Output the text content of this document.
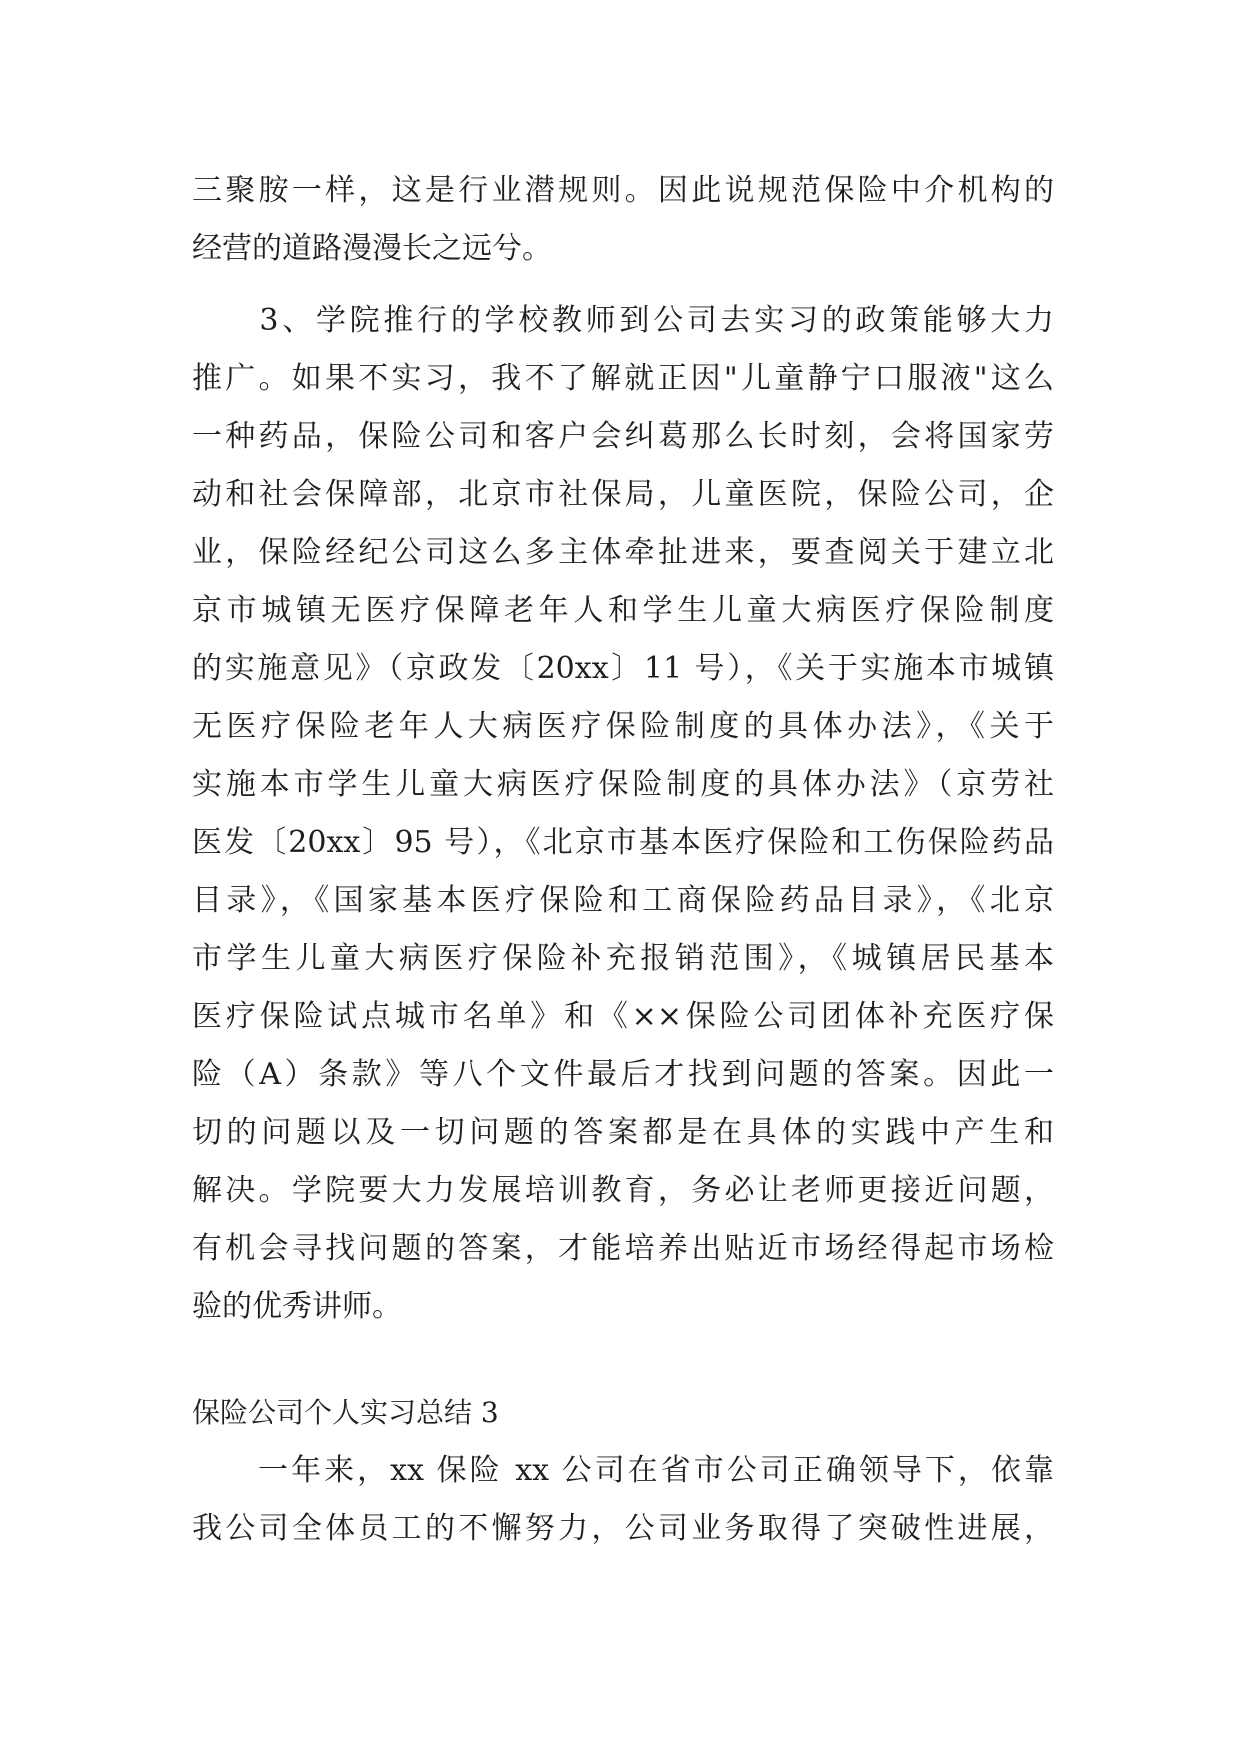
三聚胺一样，这是行业潜规则。因此说规范保险中介机构的
经营的道路漫漫长之远兮。
　　3、学院推行的学校教师到公司去实习的政策能够大力
推广。如果不实习，我不了解就正因"儿童静宁口服液"这么
一种药品，保险公司和客户会纠葛那么长时刻，会将国家劳
动和社会保障部，北京市社保局，儿童医院，保险公司，企
业，保险经纪公司这么多主体牵扯进来，要查阅关于建立北
京市城镇无医疗保障老年人和学生儿童大病医疗保险制度
的实施意见》（京政发〔20xx〕11 号），《关于实施本市城镇
无医疗保险老年人大病医疗保险制度的具体办法》，《关于
实施本市学生儿童大病医疗保险制度的具体办法》（京劳社
医发〔20xx〕95 号），《北京市基本医疗保险和工伤保险药品
目录》，《国家基本医疗保险和工商保险药品目录》，《北京
市学生儿童大病医疗保险补充报销范围》，《城镇居民基本
医疗保险试点城市名单》和《××保险公司团体补充医疗保
险（A）条款》等八个文件最后才找到问题的答案。因此一
切的问题以及一切问题的答案都是在具体的实践中产生和
解决。学院要大力发展培训教育，务必让老师更接近问题，
有机会寻找问题的答案，才能培养出贴近市场经得起市场检
验的优秀讲师。
保险公司个人实习总结 3
　　一年来，xx 保险 xx 公司在省市公司正确领导下，依靠
我公司全体员工的不懈努力，公司业务取得了突破性进展，
